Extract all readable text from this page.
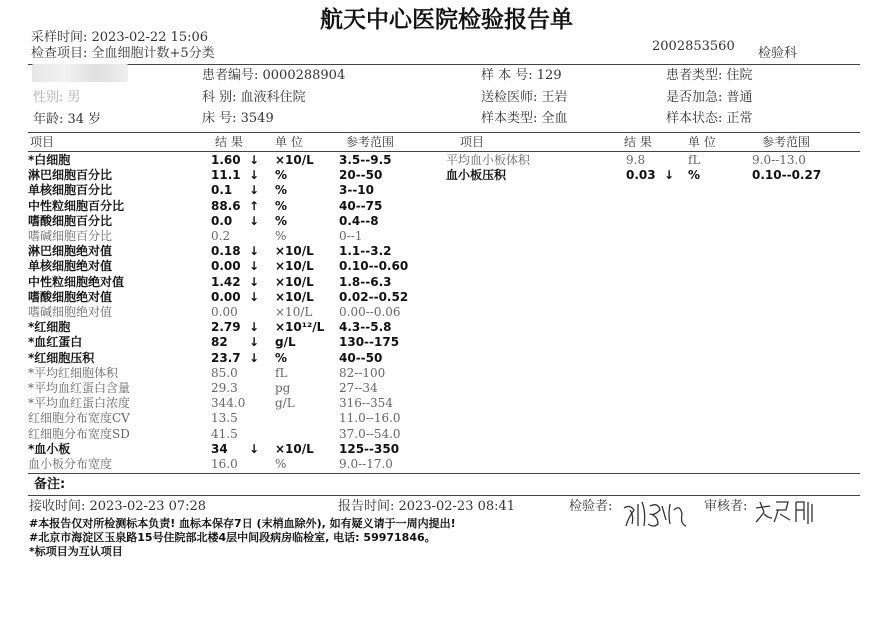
航天中心医院检验报告单
采样时间: 2023-02-22 15:06
检查项目: 全血细胞计数+5分类	2002853560 检验科
患者编号: 0000288904	样 本 号: 129	患者类型: 住院
性别: 男	科 别: 血液科住院	送检医师: 王岩	是否加急: 普通
年龄: 34 岁	床 号: 3549	样本类型: 全血	样本状态: 正常
项目	结 果	单 位	参考范围	项目	结 果	单 位	参考范围
*白细胞	1.60 ↓ ×10/L 3.5--9.5
淋巴细胞百分比	11.1 ↓ %	20--50
单核细胞百分比	0.1 ↓ %	3--10
中性粒细胞百分比	88.6 ↑ %	40--75
嗜酸细胞百分比	0.0 ↓ %	0.4--8
嗜碱细胞百分比	0.2	%	0--1
淋巴细胞绝对值	0.18 ↓ ×10/L 1.1--3.2
单核细胞绝对值	0.00 ↓ ×10/L 0.10--0.60
中性粒细胞绝对值	1.42 ↓ ×10/L 1.8--6.3
嗜酸细胞绝对值	0.00 ↓ ×10/L 0.02--0.52
嗜碱细胞绝对值	0.00	×10/L 0.00--0.06
*红细胞	2.79 ↓ ×10¹²/L 4.3--5.8
*血红蛋白	82 ↓ g/L	130--175
*红细胞压积	23.7 ↓ %	40--50
*平均红细胞体积	85.0	fL	82--100
*平均血红蛋白含量	29.3	pg	27--34
*平均血红蛋白浓度	344.0 g/L	316--354
红细胞分布宽度CV	13.5	11.0--16.0
红细胞分布宽度SD	41.5	37.0--54.0
*血小板	34 ↓ ×10/L 125--350
血小板分布宽度	16.0	%	9.0--17.0
平均血小板体积	9.8	fL	9.0--13.0
血小板压积	0.03 ↓ %	0.10--0.27
备注:
接收时间: 2023-02-23 07:28	报告时间: 2023-02-23 08:41	检验者:	审核者:
#本报告仅对所检测标本负责! 血标本保存7日 (末梢血除外), 如有疑义请于一周内提出!
#北京市海淀区玉泉路15号住院部北楼4层中间段病房临检室, 电话: 59971846。
*标项目为互认项目
